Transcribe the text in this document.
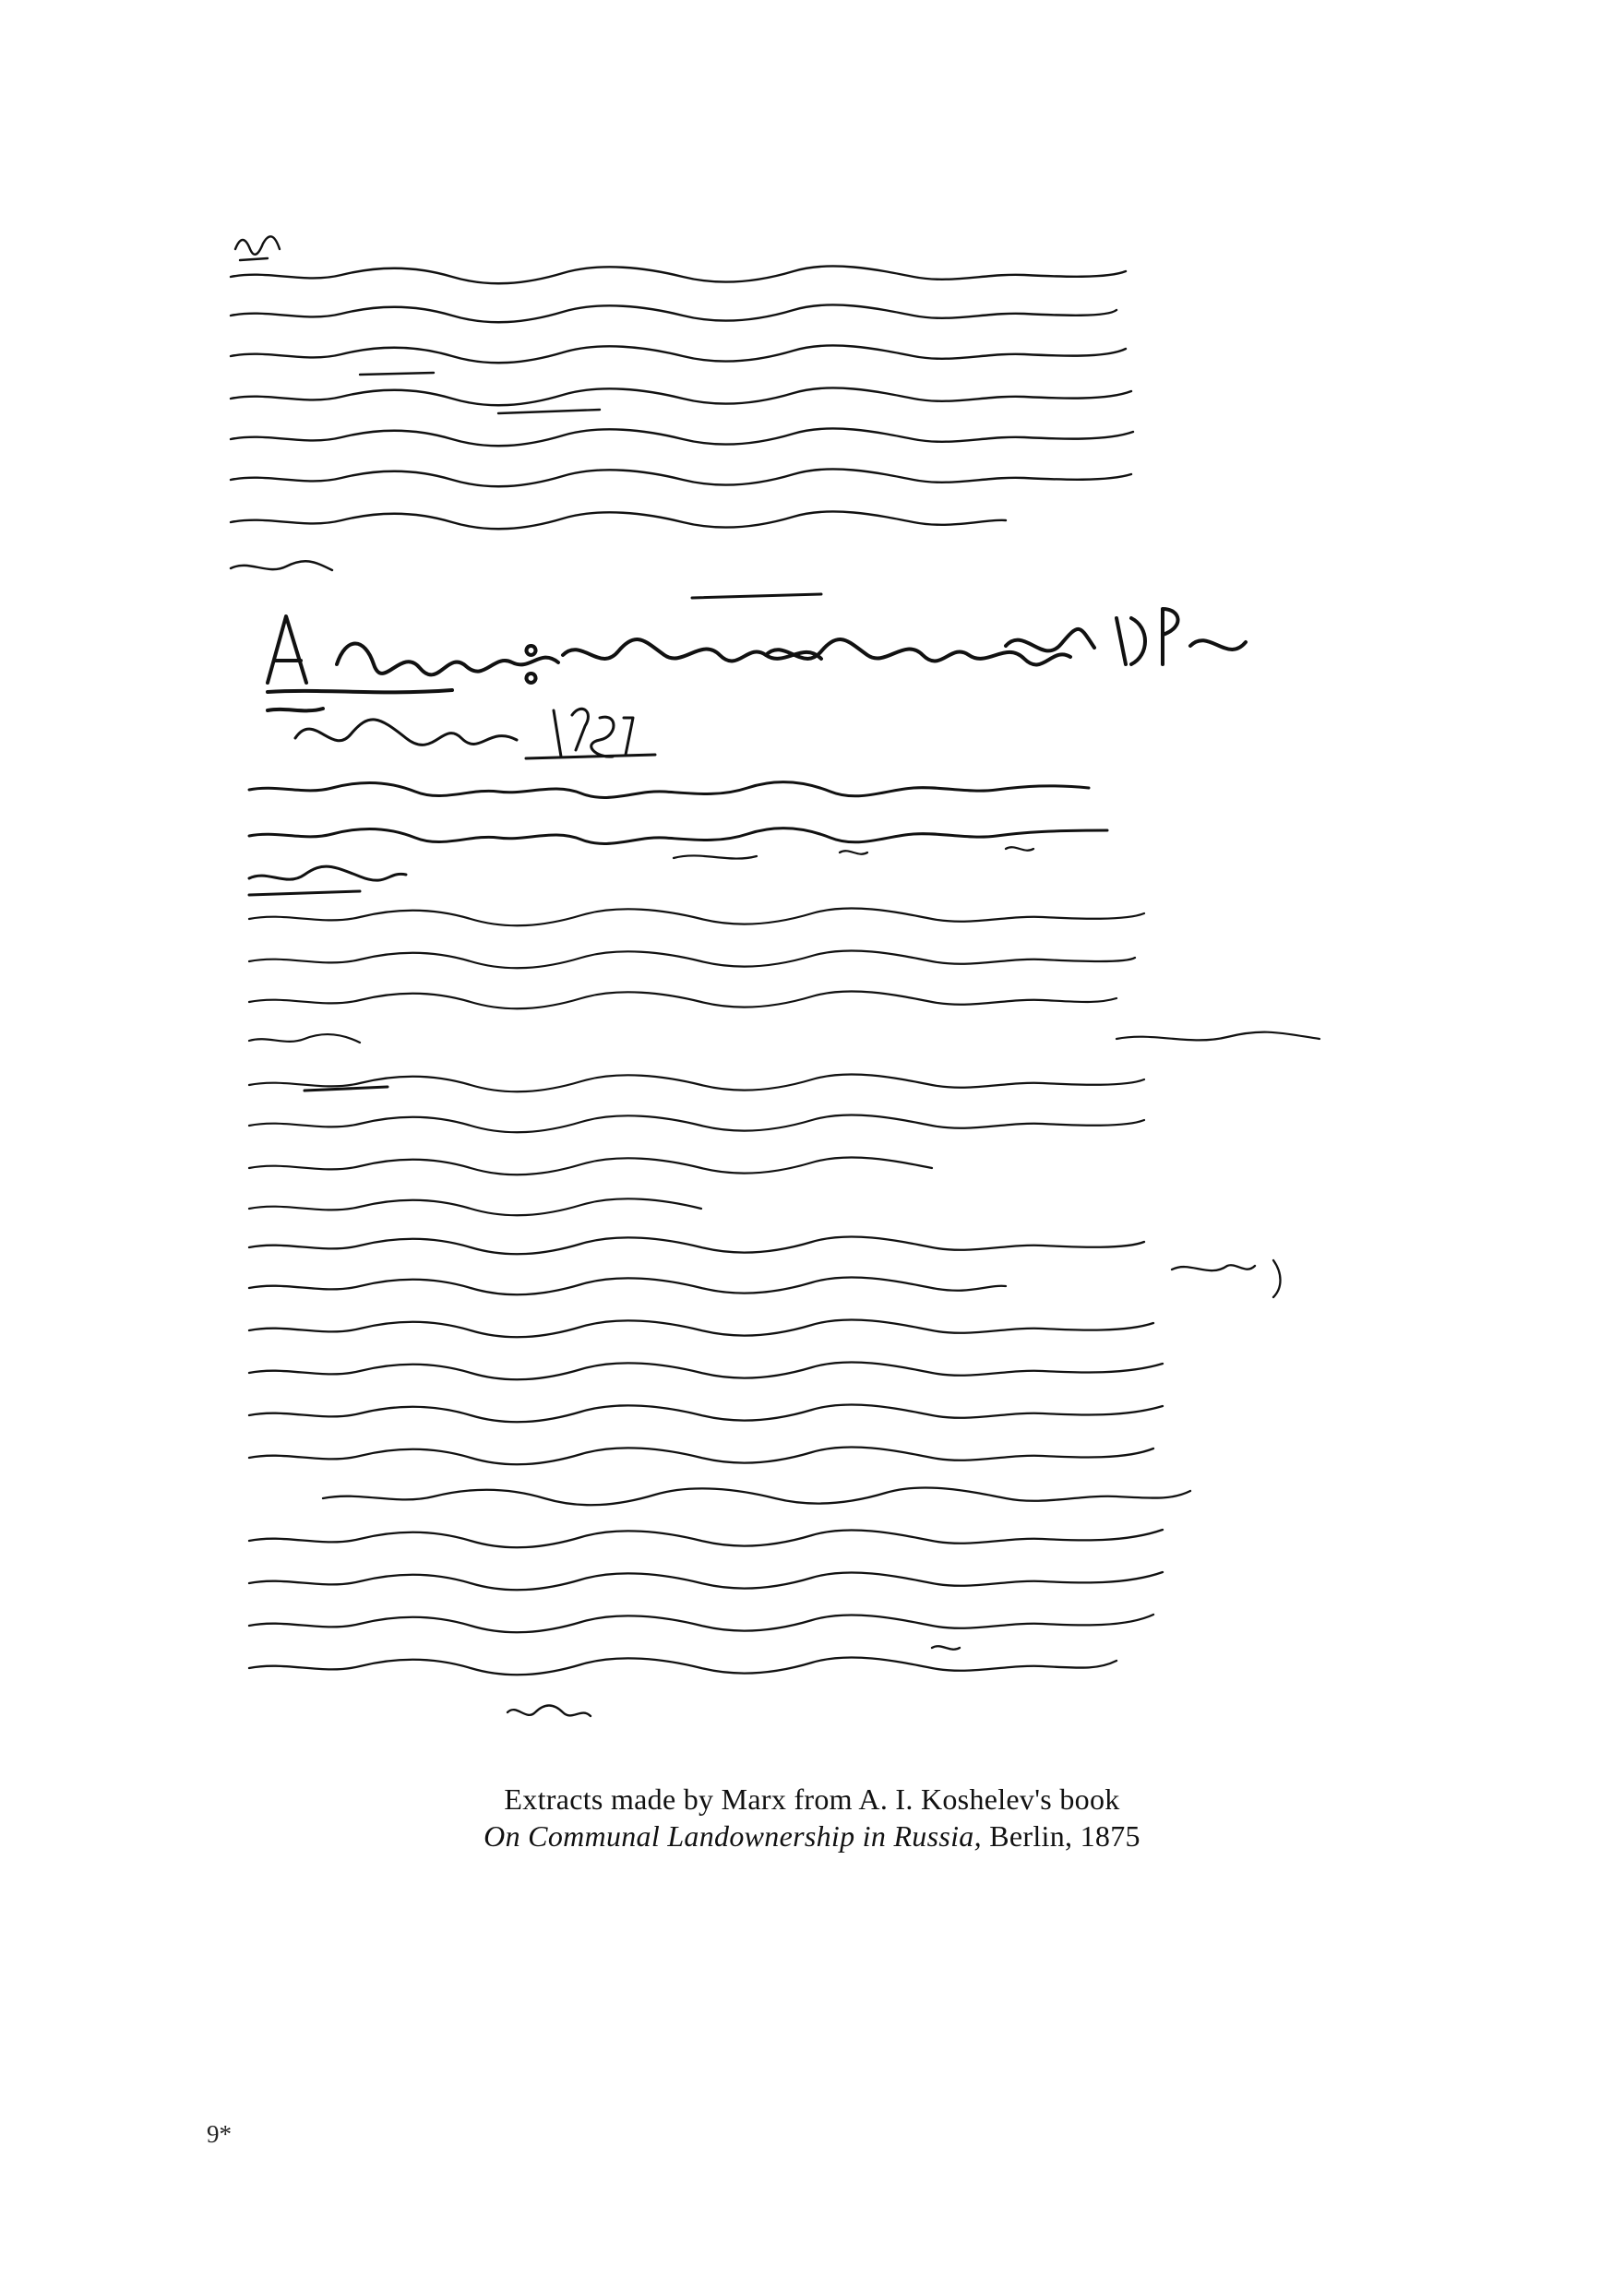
Extracts made by Marx from A. I. Koshelev's book
On Communal Landownership in Russia, Berlin, 1875
9*
